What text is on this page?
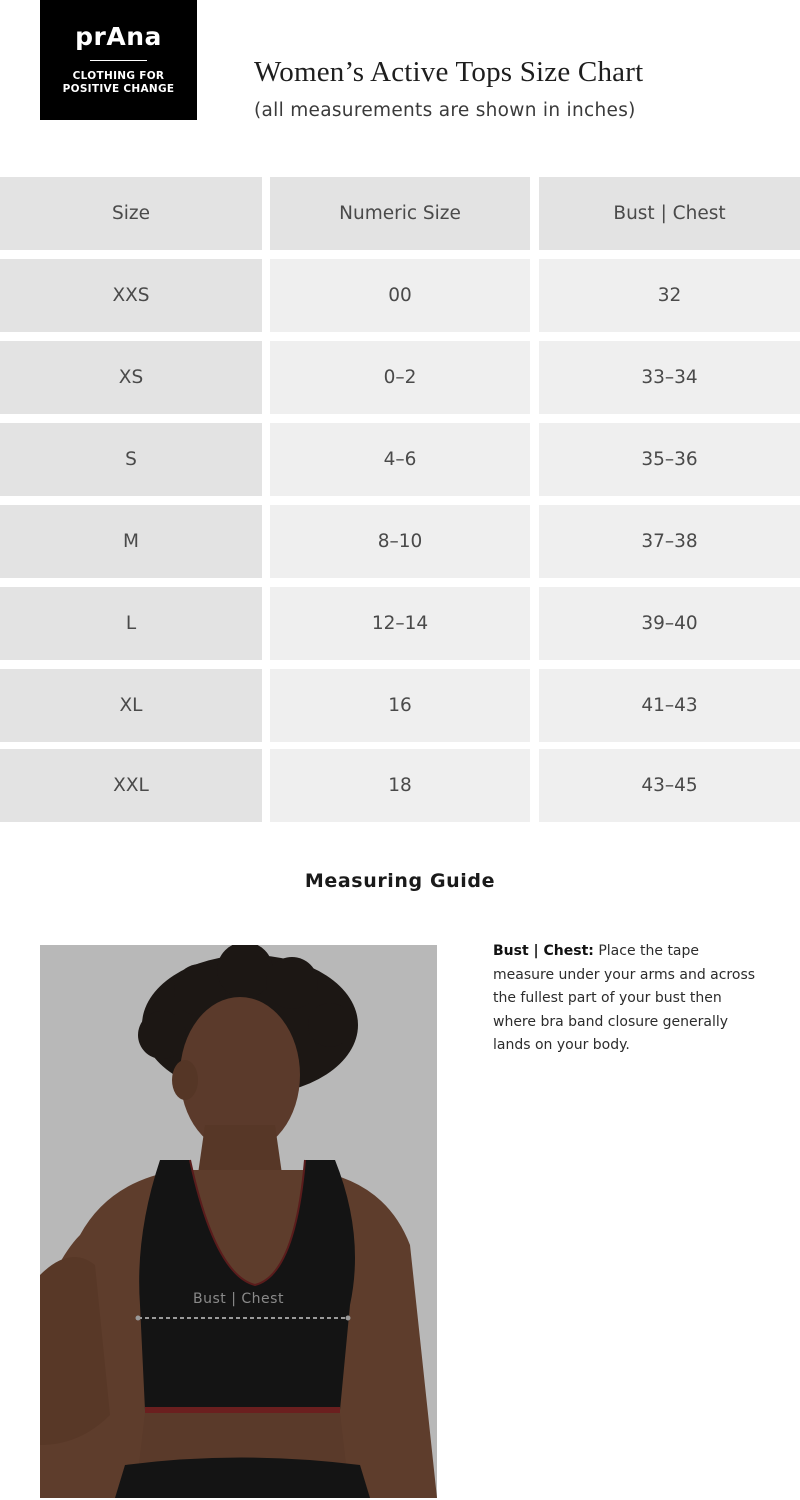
prAna
CLOTHING FOR
POSITIVE CHANGE
Women’s Active Tops Size Chart

(all measurements are shown in inches)

Size	Numeric Size	Bust | Chest
XXS	00	32
XS	0–2	33–34
S	4–6	35–36
M	8–10	37–38
L	12–14	39–40
XL	16	41–43
XXL	18	43–45
Measuring Guide
Bust | Chest

Bust | Chest: Place the tape measure under your arms and across the fullest part of your bust then where bra band closure generally lands on your body.
